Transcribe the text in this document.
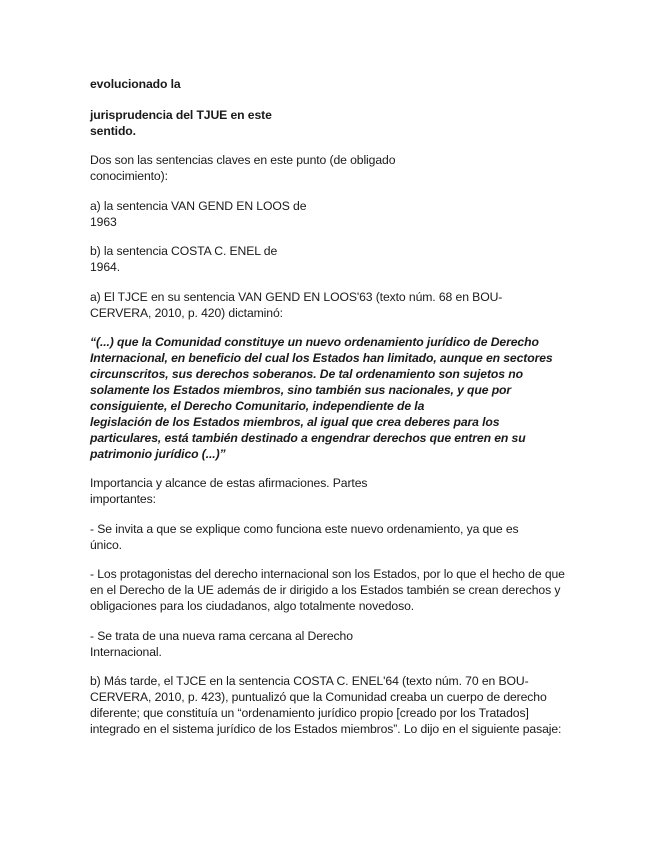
evolucionado la
jurisprudencia del TJUE en este
sentido.
Dos son las sentencias claves en este punto (de obligado
conocimiento):
a) la sentencia VAN GEND EN LOOS de
1963
b) la sentencia COSTA C. ENEL de
1964.
a) El TJCE en su sentencia VAN GEND EN LOOS'63 (texto núm. 68 en BOU-
CERVERA, 2010, p. 420) dictaminó:
“(...) que la Comunidad constituye un nuevo ordenamiento jurídico de Derecho
Internacional, en beneficio del cual los Estados han limitado, aunque en sectores
circunscritos, sus derechos soberanos. De tal ordenamiento son sujetos no
solamente los Estados miembros, sino también sus nacionales, y que por
consiguiente, el Derecho Comunitario, independiente de la
legislación de los Estados miembros, al igual que crea deberes para los
particulares, está también destinado a engendrar derechos que entren en su
patrimonio jurídico (...)”
Importancia y alcance de estas afirmaciones. Partes
importantes:
- Se invita a que se explique como funciona este nuevo ordenamiento, ya que es
único.
- Los protagonistas del derecho internacional son los Estados, por lo que el hecho de que
en el Derecho de la UE además de ir dirigido a los Estados también se crean derechos y
obligaciones para los ciudadanos, algo totalmente novedoso.
- Se trata de una nueva rama cercana al Derecho
Internacional.
b) Más tarde, el TJCE en la sentencia COSTA C. ENEL'64 (texto núm. 70 en BOU-
CERVERA, 2010, p. 423), puntualizó que la Comunidad creaba un cuerpo de derecho
diferente; que constituía un “ordenamiento jurídico propio [creado por los Tratados]
integrado en el sistema jurídico de los Estados miembros”. Lo dijo en el siguiente pasaje:
